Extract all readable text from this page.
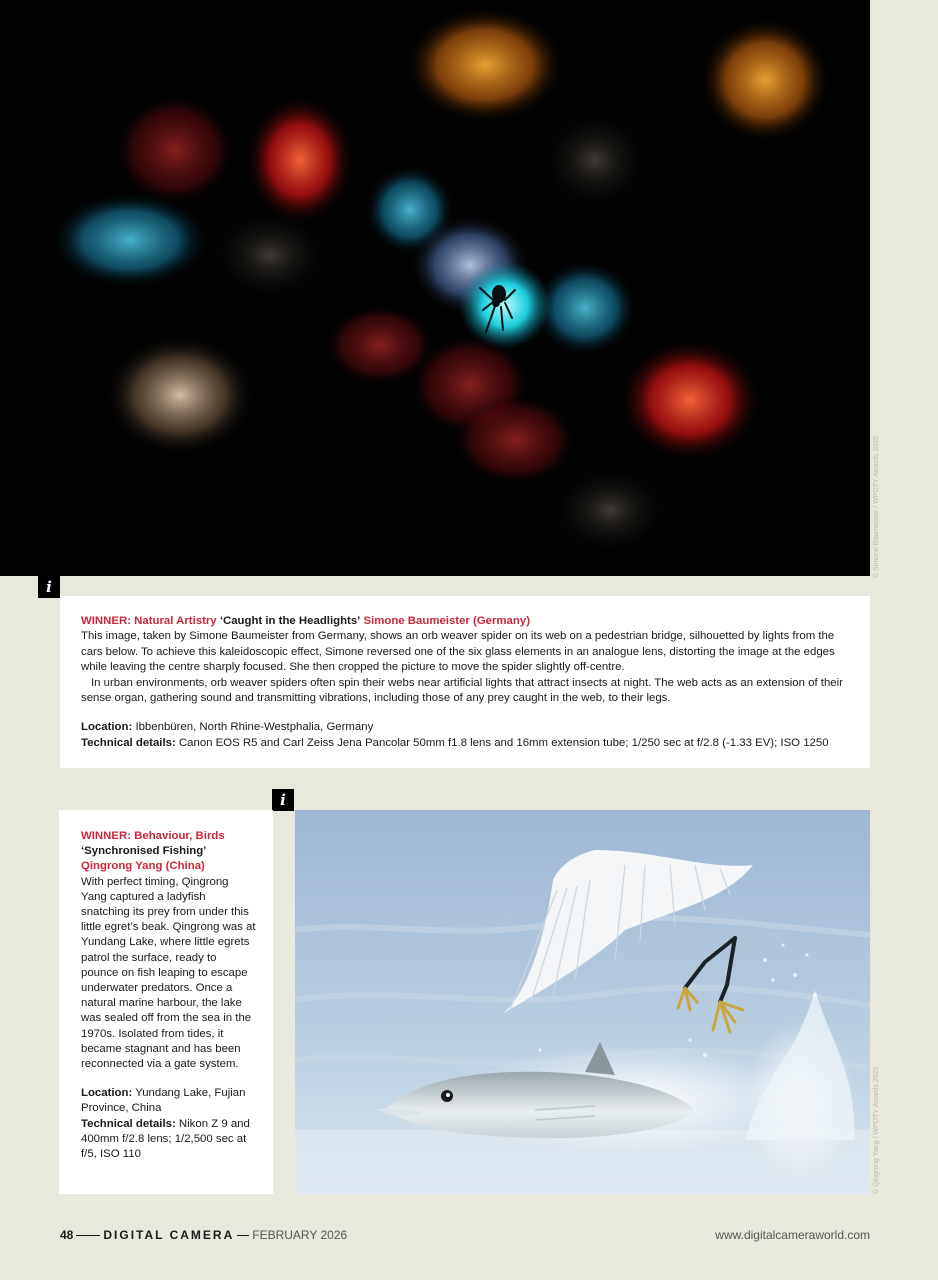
© Simone Baumeister / WPOTY Awards 2025
i

WINNER: Natural Artistry ‘Caught in the Headlights’ Simone Baumeister (Germany)

This image, taken by Simone Baumeister from Germany, shows an orb weaver spider on its web on a pedestrian bridge, silhouetted by lights from the cars below. To achieve this kaleidoscopic effect, Simone reversed one of the six glass elements in an analogue lens, distorting the image at the edges while leaving the centre sharply focused. She then cropped the picture to move the spider slightly off-centre.

In urban environments, orb weaver spiders often spin their webs near artificial lights that attract insects at night. The web acts as an extension of their sense organ, gathering sound and transmitting vibrations, including those of any prey caught in the web, to their legs.

Location: Ibbenbüren, North Rhine-Westphalia, Germany

Technical details: Canon EOS R5 and Carl Zeiss Jena Pancolar 50mm f1.8 lens and 16mm extension tube; 1/250 sec at f/2.8 (-1.33 EV); ISO 1250

i

WINNER: Behaviour, Birds

‘Synchronised Fishing’

Qingrong Yang (China)

With perfect timing, Qingrong Yang captured a ladyfish snatching its prey from under this little egret’s beak. Qingrong was at Yundang Lake, where little egrets patrol the surface, ready to pounce on fish leaping to escape underwater predators. Once a natural marine harbour, the lake was sealed off from the sea in the 1970s. Isolated from tides, it became stagnant and has been reconnected via a gate system.

Location: Yundang Lake, Fujian Province, China

Technical details: Nikon Z 9 and 400mm f/2.8 lens; 1/2,500 sec at f/5, ISO 110	© Qingrong Yang / WPOTY Awards 2025
48	DIGITAL CAMERA FEBRUARY 2026	www.digitalcameraworld.com
